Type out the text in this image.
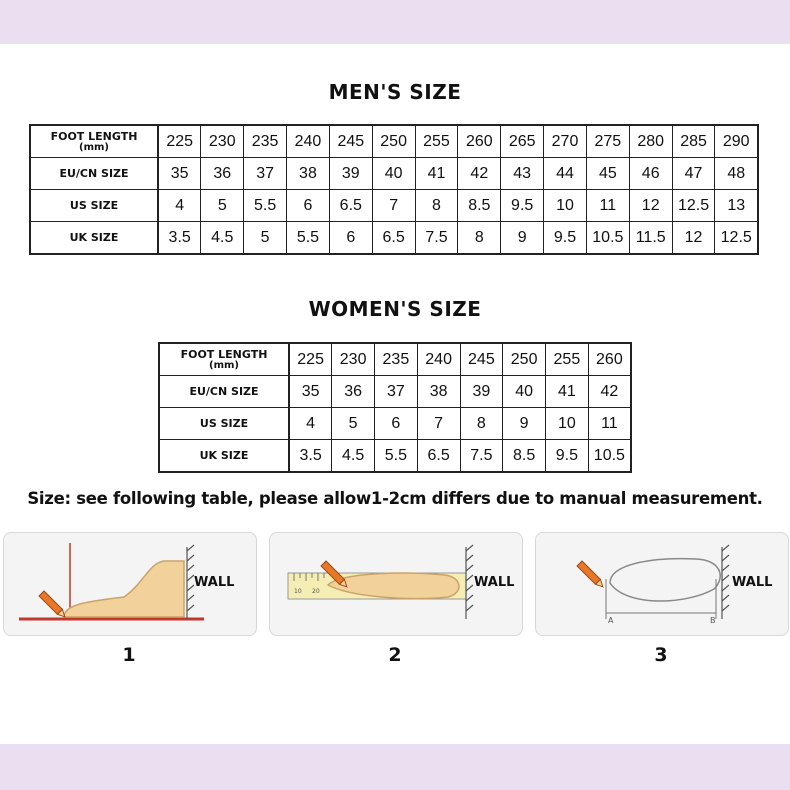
MEN'S SIZE
FOOT LENGTH
(mm)	225	230	235	240	245	250	255	260	265	270	275	280	285	290
EU/CN SIZE	35	36	37	38	39	40	41	42	43	44	45	46	47	48
US SIZE	4	5	5.5	6	6.5	7	8	8.5	9.5	10	11	12	12.5	13
UK SIZE	3.5	4.5	5	5.5	6	6.5	7.5	8	9	9.5	10.5	11.5	12	12.5
WOMEN'S SIZE
FOOT LENGTH
(mm)	225	230	235	240	245	250	255	260
EU/CN SIZE	35	36	37	38	39	40	41	42
US SIZE	4	5	6	7	8	9	10	11
UK SIZE	3.5	4.5	5.5	6.5	7.5	8.5	9.5	10.5
Size: see following table, please allow1-2cm differs due to manual measurement.
WALL
1
10 20
WALL
2
A	B
WALL
3
